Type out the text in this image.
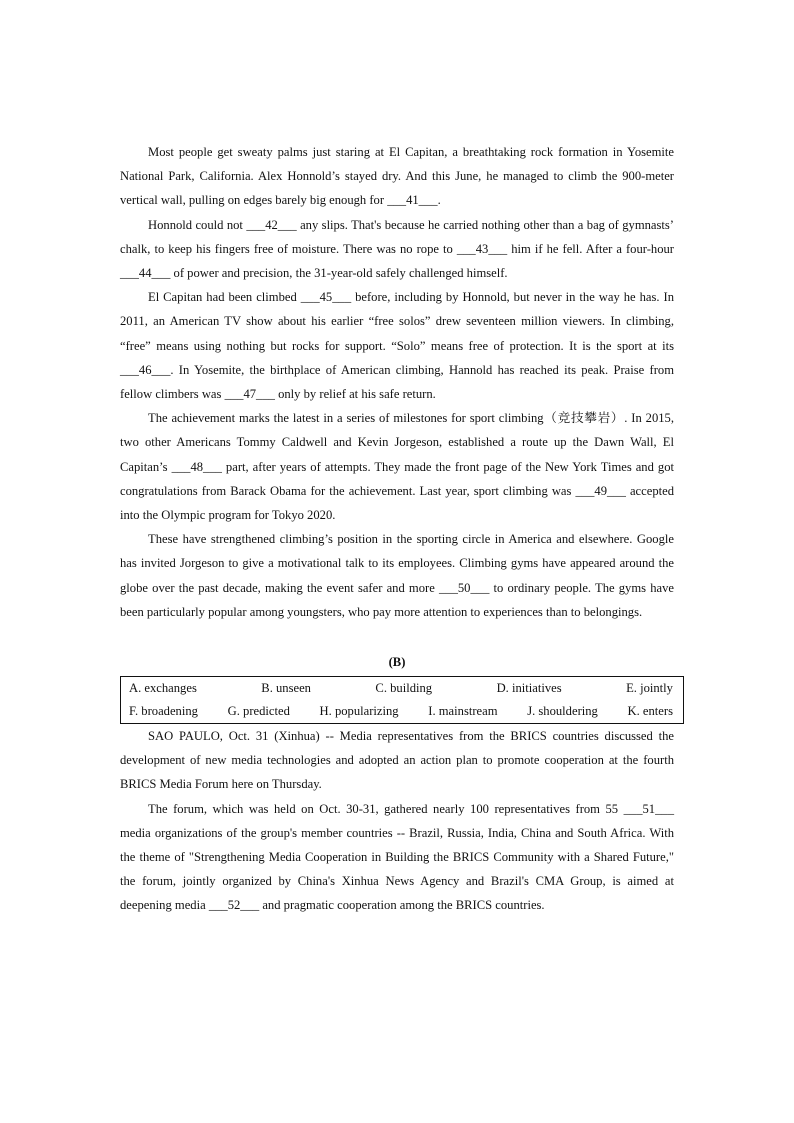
Most people get sweaty palms just staring at El Capitan, a breathtaking rock formation in Yosemite National Park, California. Alex Honnold’s stayed dry. And this June, he managed to climb the 900-meter vertical wall, pulling on edges barely big enough for ___41___.

Honnold could not ___42___ any slips. That's because he carried nothing other than a bag of gymnasts’ chalk, to keep his fingers free of moisture. There was no rope to ___43___ him if he fell. After a four-hour ___44___ of power and precision, the 31-year-old safely challenged himself.

El Capitan had been climbed ___45___ before, including by Honnold, but never in the way he has. In 2011, an American TV show about his earlier “free solos” drew seventeen million viewers. In climbing, “free” means using nothing but rocks for support. “Solo” means free of protection. It is the sport at its ___46___. In Yosemite, the birthplace of American climbing, Hannold has reached its peak. Praise from fellow climbers was ___47___ only by relief at his safe return.

The achievement marks the latest in a series of milestones for sport climbing（竞技攀岩）. In 2015, two other Americans Tommy Caldwell and Kevin Jorgeson, established a route up the Dawn Wall, El Capitan’s ___48___ part, after years of attempts. They made the front page of the New York Times and got congratulations from Barack Obama for the achievement. Last year, sport climbing was ___49___ accepted into the Olympic program for Tokyo 2020.

These have strengthened climbing’s position in the sporting circle in America and elsewhere. Google has invited Jorgeson to give a motivational talk to its employees. Climbing gyms have appeared around the globe over the past decade, making the event safer and more ___50___ to ordinary people. The gyms have been particularly popular among youngsters, who pay more attention to experiences than to belongings.

(B)
A. exchanges	B. unseen	C. building	D. initiatives	E. jointly
F. broadening G. predicted H. popularizing I. mainstream J. shouldering K. enters

SAO PAULO, Oct. 31 (Xinhua) -- Media representatives from the BRICS countries discussed the development of new media technologies and adopted an action plan to promote cooperation at the fourth BRICS Media Forum here on Thursday.

The forum, which was held on Oct. 30-31, gathered nearly 100 representatives from 55 ___51___ media organizations of the group's member countries -- Brazil, Russia, India, China and South Africa. With the theme of "Strengthening Media Cooperation in Building the BRICS Community with a Shared Future," the forum, jointly organized by China's Xinhua News Agency and Brazil's CMA Group, is aimed at deepening media ___52___ and pragmatic cooperation among the BRICS countries.
